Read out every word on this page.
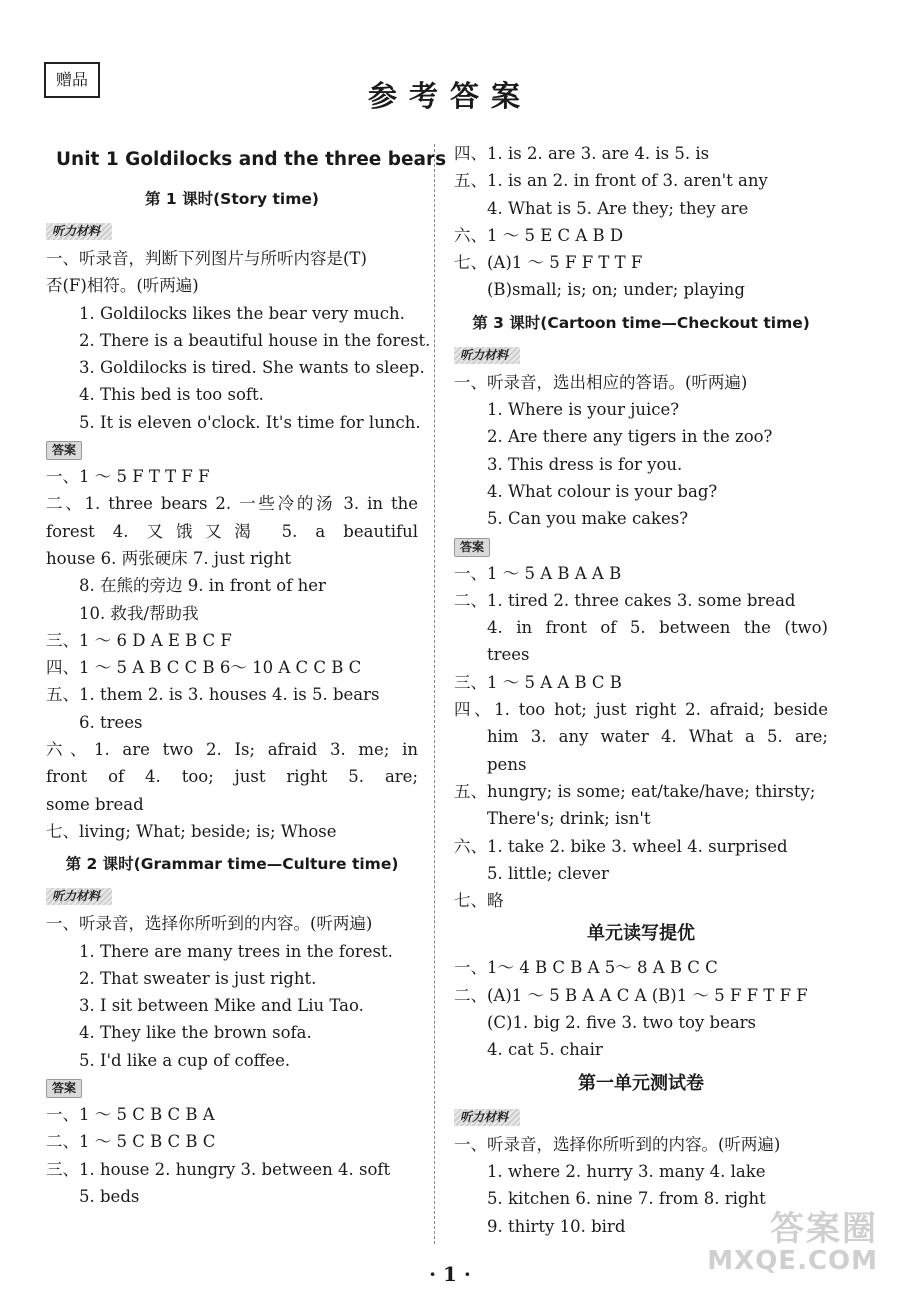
赠品	参考答案
Unit 1 Goldilocks and the three bears
第 1 课时(Story time)
听力材料
一、听录音，判断下列图片与所听内容是(T)
否(F)相符。(听两遍)
1. Goldilocks likes the bear very much.
2. There is a beautiful house in the forest.
3. Goldilocks is tired. She wants to sleep.
4. This bed is too soft.
5. It is eleven o'clock. It's time for lunch.
答案
一、1 ～ 5 F T T F F
二、1. three bears 2. 一些冷的汤 3. in the
forest 4. 又饿又渴 5. a beautiful
house 6. 两张硬床 7. just right
8. 在熊的旁边 9. in front of her
10. 救我/帮助我
三、1 ～ 6 D A E B C F
四、1 ～ 5 A B C C B 6～ 10 A C C B C
五、1. them 2. is 3. houses 4. is 5. bears
6. trees
六、1. are two 2. Is; afraid 3. me; in
front of 4. too; just right 5. are;
some bread
七、living; What; beside; is; Whose
第 2 课时(Grammar time—Culture time)
听力材料
一、听录音，选择你所听到的内容。(听两遍)
1. There are many trees in the forest.
2. That sweater is just right.
3. I sit between Mike and Liu Tao.
4. They like the brown sofa.
5. I'd like a cup of coffee.
答案
一、1 ～ 5 C B C B A
二、1 ～ 5 C B C B C
三、1. house 2. hungry 3. between 4. soft
5. beds
四、1. is 2. are 3. are 4. is 5. is
五、1. is an 2. in front of 3. aren't any
4. What is 5. Are they; they are
六、1 ～ 5 E C A B D
七、(A)1 ～ 5 F F T T F
(B)small; is; on; under; playing
第 3 课时(Cartoon time—Checkout time)
听力材料
一、听录音，选出相应的答语。(听两遍)
1. Where is your juice?
2. Are there any tigers in the zoo?
3. This dress is for you.
4. What colour is your bag?
5. Can you make cakes?
答案
一、1 ～ 5 A B A A B
二、1. tired 2. three cakes 3. some bread
4. in front of 5. between the (two)
trees
三、1 ～ 5 A A B C B
四、1. too hot; just right 2. afraid; beside
him 3. any water 4. What a 5. are;
pens
五、hungry; is some; eat/take/have; thirsty;
There's; drink; isn't
六、1. take 2. bike 3. wheel 4. surprised
5. little; clever
七、略
单元读写提优
一、1～ 4 B C B A 5～ 8 A B C C
二、(A)1 ～ 5 B A A C A (B)1 ～ 5 F F T F F
(C)1. big 2. five 3. two toy bears
4. cat 5. chair
第一单元测试卷
听力材料
一、听录音，选择你所听到的内容。(听两遍)
1. where 2. hurry 3. many 4. lake
5. kitchen 6. nine 7. from 8. right
9. thirty 10. bird
· 1 ·
答案圈
MXQE.COM
